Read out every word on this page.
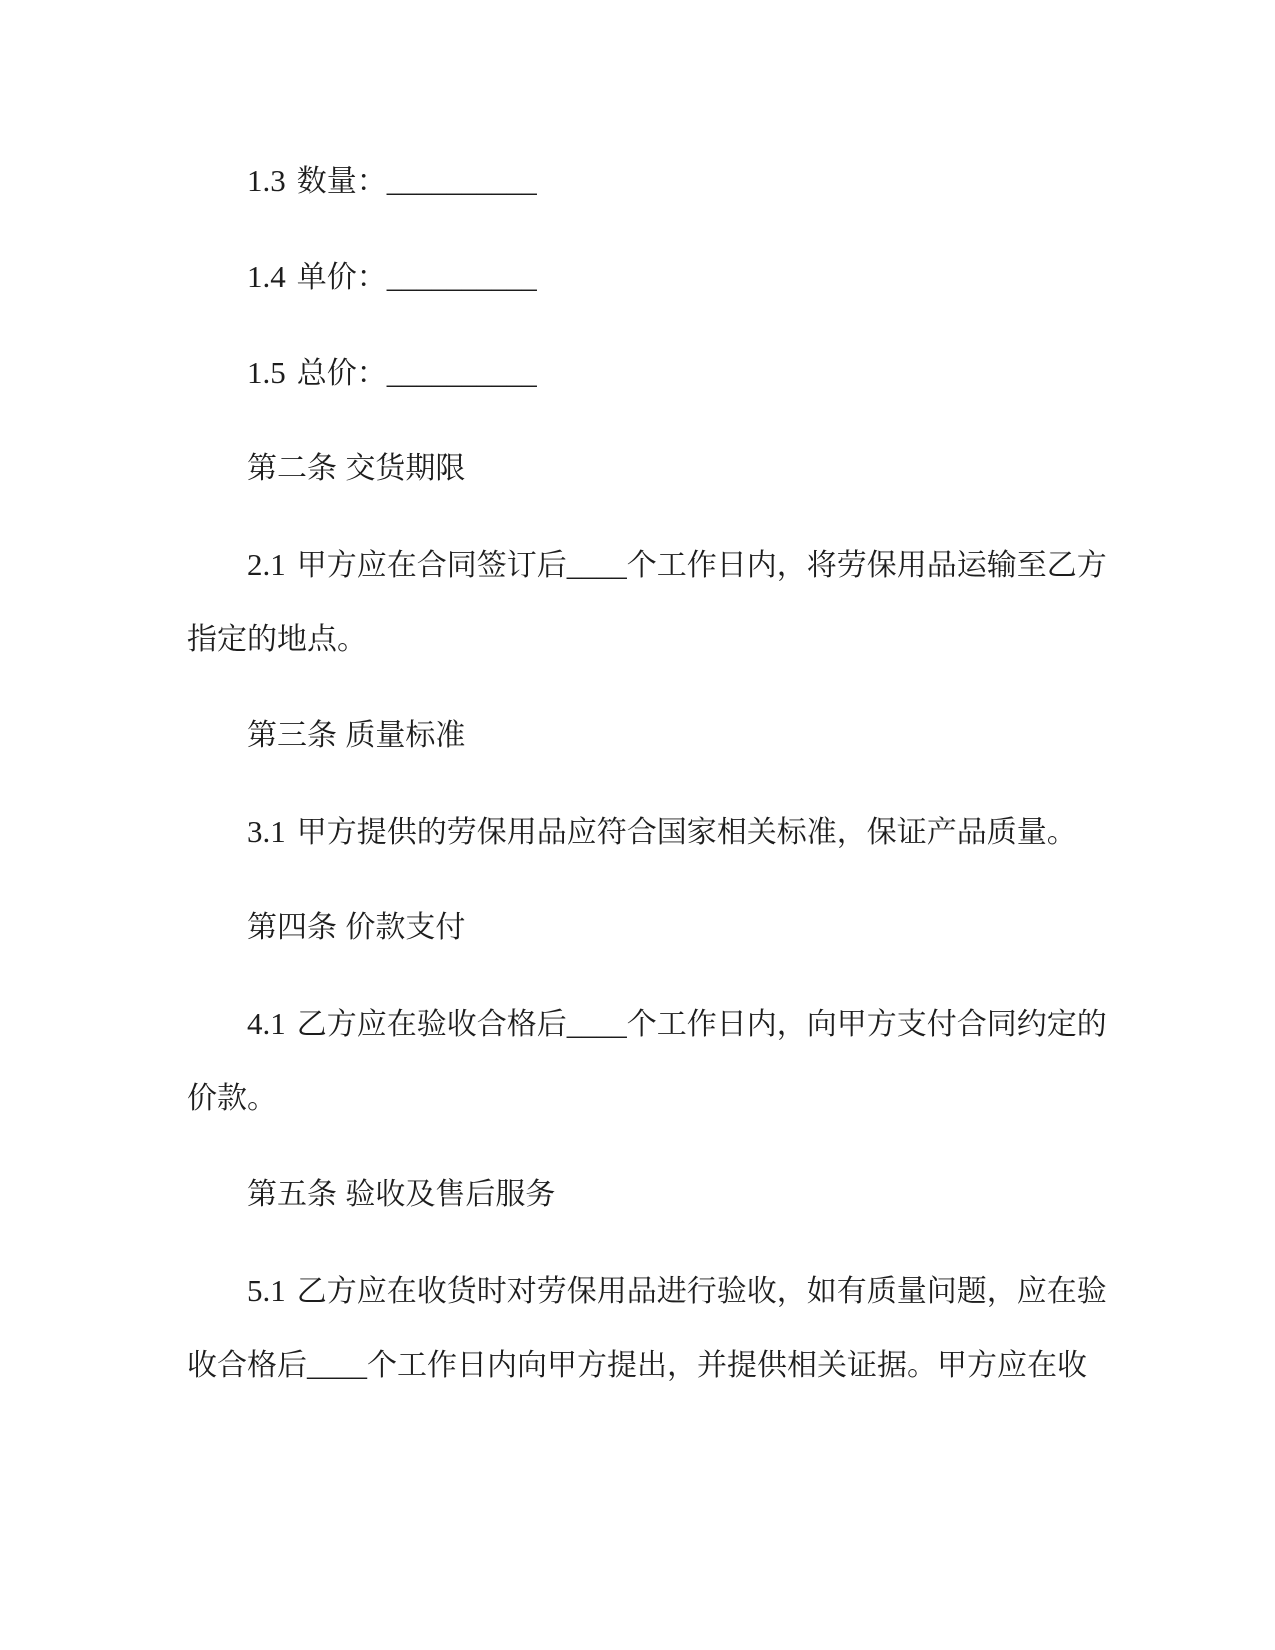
1.3 数量：__________
1.4 单价：__________
1.5 总价：__________
第二条 交货期限
2.1 甲方应在合同签订后____个工作日内，将劳保用品运输至乙方
指定的地点。
第三条 质量标准
3.1 甲方提供的劳保用品应符合国家相关标准，保证产品质量。
第四条 价款支付
4.1 乙方应在验收合格后____个工作日内，向甲方支付合同约定的
价款。
第五条 验收及售后服务
5.1 乙方应在收货时对劳保用品进行验收，如有质量问题，应在验
收合格后____个工作日内向甲方提出，并提供相关证据。甲方应在收
